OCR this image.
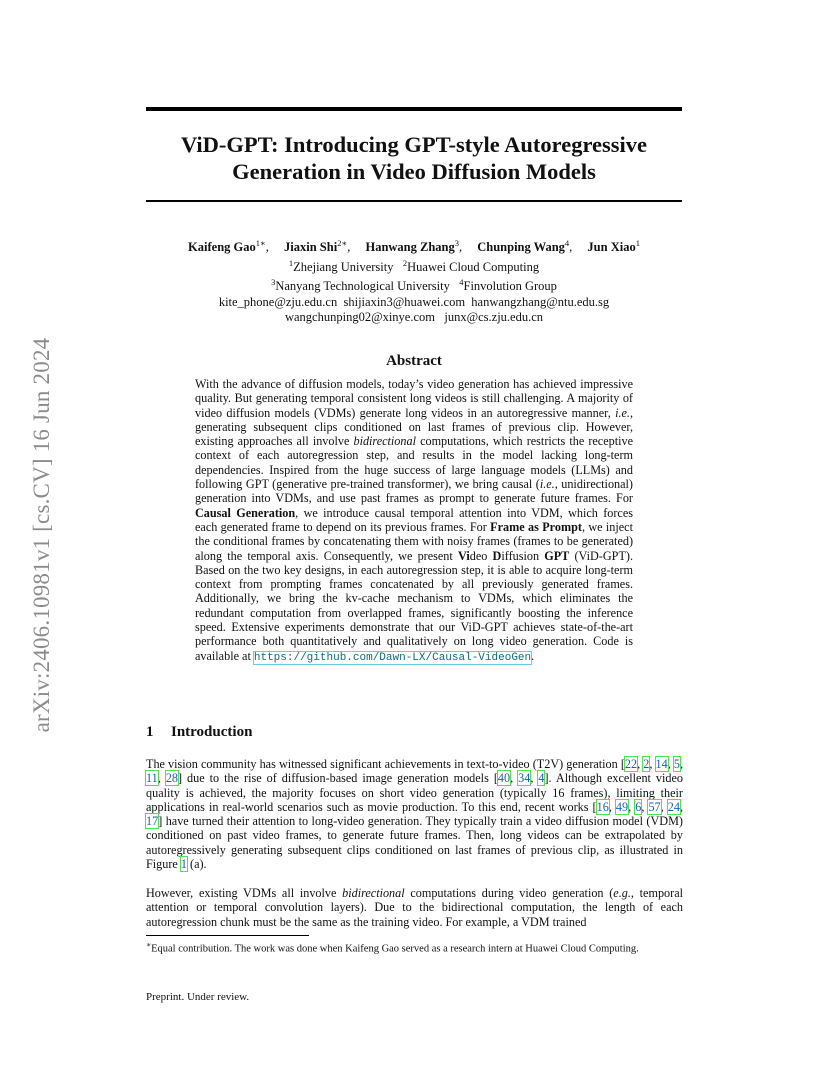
arXiv:2406.10981v1 [cs.CV] 16 Jun 2024
ViD-GPT: Introducing GPT-style Autoregressive
Generation in Video Diffusion Models
Kaifeng Gao$^{1∗}$, Jiaxin Shi$^{2∗}$, Hanwang Zhang$^3$, Chunping Wang$^4$, Jun Xiao$^1$
$^1$Zhejiang University $^2$Huawei Cloud Computing
$^3$Nanyang Technological University $^4$Finvolution Group
kite_phone@zju.edu.cn  shijiaxin3@huawei.com  hanwangzhang@ntu.edu.sg
wangchunping02@xinye.com   junx@cs.zju.edu.cn
Abstract
With the advance of diffusion models, today’s video generation has achieved impressive quality. But generating temporal consistent long videos is still challenging. A majority of video diffusion models (VDMs) generate long videos in an autoregressive manner, i.e., generating subsequent clips conditioned on last frames of previous clip. However, existing approaches all involve bidirectional computations, which restricts the receptive context of each autoregression step, and results in the model lacking long-term dependencies. Inspired from the huge success of large language models (LLMs) and following GPT (generative pre-trained transformer), we bring causal (i.e., unidirectional) generation into VDMs, and use past frames as prompt to generate future frames. For Causal Generation, we introduce causal temporal attention into VDM, which forces each generated frame to depend on its previous frames. For Frame as Prompt, we inject the conditional frames by concatenating them with noisy frames (frames to be generated) along the temporal axis. Consequently, we present Video Diffusion GPT (ViD-GPT). Based on the two key designs, in each autoregression step, it is able to acquire long-term context from prompting frames concatenated by all previously generated frames. Additionally, we bring the kv-cache mechanism to VDMs, which eliminates the redundant computation from overlapped frames, significantly boosting the inference speed. Extensive experiments demonstrate that our ViD-GPT achieves state-of-the-art performance both quantitatively and qualitatively on long video generation. Code is available at https://github.com/Dawn-LX/Causal-VideoGen.
1 Introduction
The vision community has witnessed significant achievements in text-to-video (T2V) generation [22, 2, 14, 5, 11, 28] due to the rise of diffusion-based image generation models [40, 34, 4]. Although excellent video quality is achieved, the majority focuses on short video generation (typically 16 frames), limiting their applications in real-world scenarios such as movie production. To this end, recent works [16, 49, 6, 57, 24, 17] have turned their attention to long-video generation. They typically train a video diffusion model (VDM) conditioned on past video frames, to generate future frames. Then, long videos can be extrapolated by autoregressively generating subsequent clips conditioned on last frames of previous clip, as illustrated in Figure 1 (a).
However, existing VDMs all involve bidirectional computations during video generation (e.g., temporal attention or temporal convolution layers). Due to the bidirectional computation, the length of each autoregression chunk must be the same as the training video. For example, a VDM trained
∗Equal contribution. The work was done when Kaifeng Gao served as a research intern at Huawei Cloud Computing.
Preprint. Under review.
